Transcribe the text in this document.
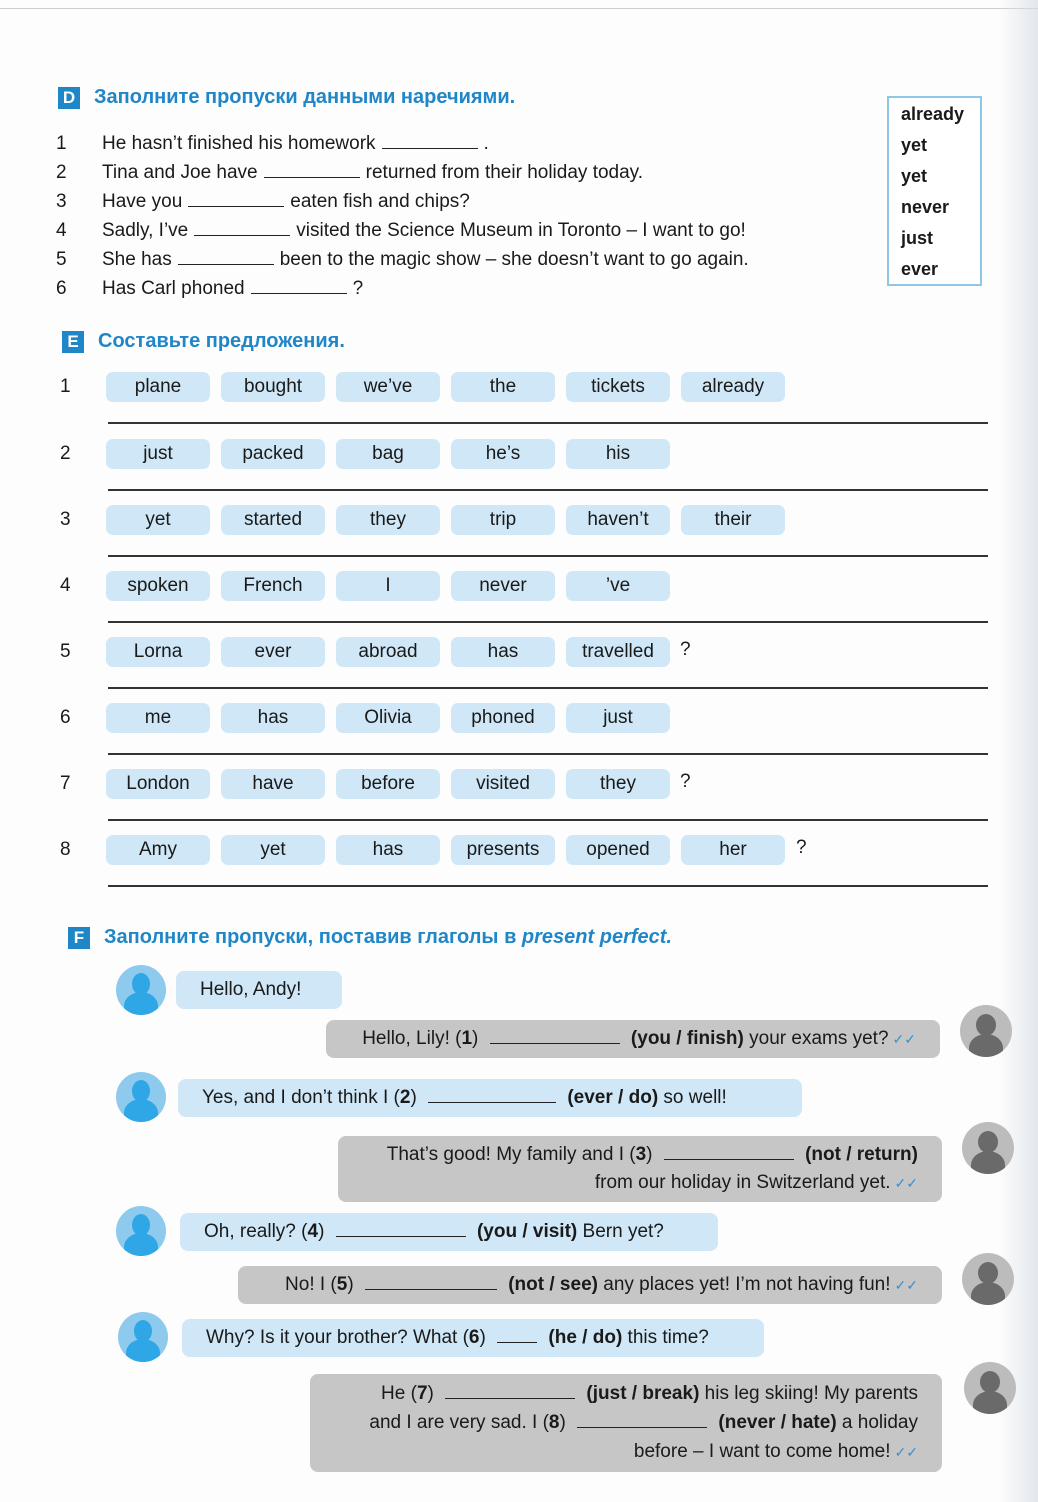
D Заполните пропуски данными наречиями.
1	He hasn’t finished his homework	.
2	Tina and Joe have	returned from their holiday today.
3	Have you	eaten fish and chips?
4	Sadly, I’ve	visited the Science Museum in Toronto – I want to go!
5	She has	been to the magic show – she doesn’t want to go again.
6	Has Carl phoned	?
already
yet
yet
never
just
ever
E Составьте предложения.
1	plane	bought	we’ve	the	tickets	already
2	just	packed	bag	he’s	his
3	yet	started	they	trip	haven’t	their
4	spoken	French	I	never	’ve
5	Lorna	ever	abroad	has	travelled	?
6	me	has	Olivia	phoned	just
7	London	have	before	visited	they	?
8	Amy	yet	has	presents	opened	her	?
F Заполните пропуски, поставив глаголы в present perfect.
Hello, Andy!
Hello, Lily! (1)	(you / finish) your exams yet? ✓✓
Yes, and I don’t think I (2)	(ever / do) so well!
That’s good! My family and I (3)	(not / return)
from our holiday in Switzerland yet. ✓✓
Oh, really? (4)	(you / visit) Bern yet?
No! I (5)	(not / see) any places yet! I’m not having fun! ✓✓
Why? Is it your brother? What (6)	(he / do) this time?
He (7)	(just / break) his leg skiing! My parents
and I are very sad. I (8)	(never / hate) a holiday
before – I want to come home! ✓✓
